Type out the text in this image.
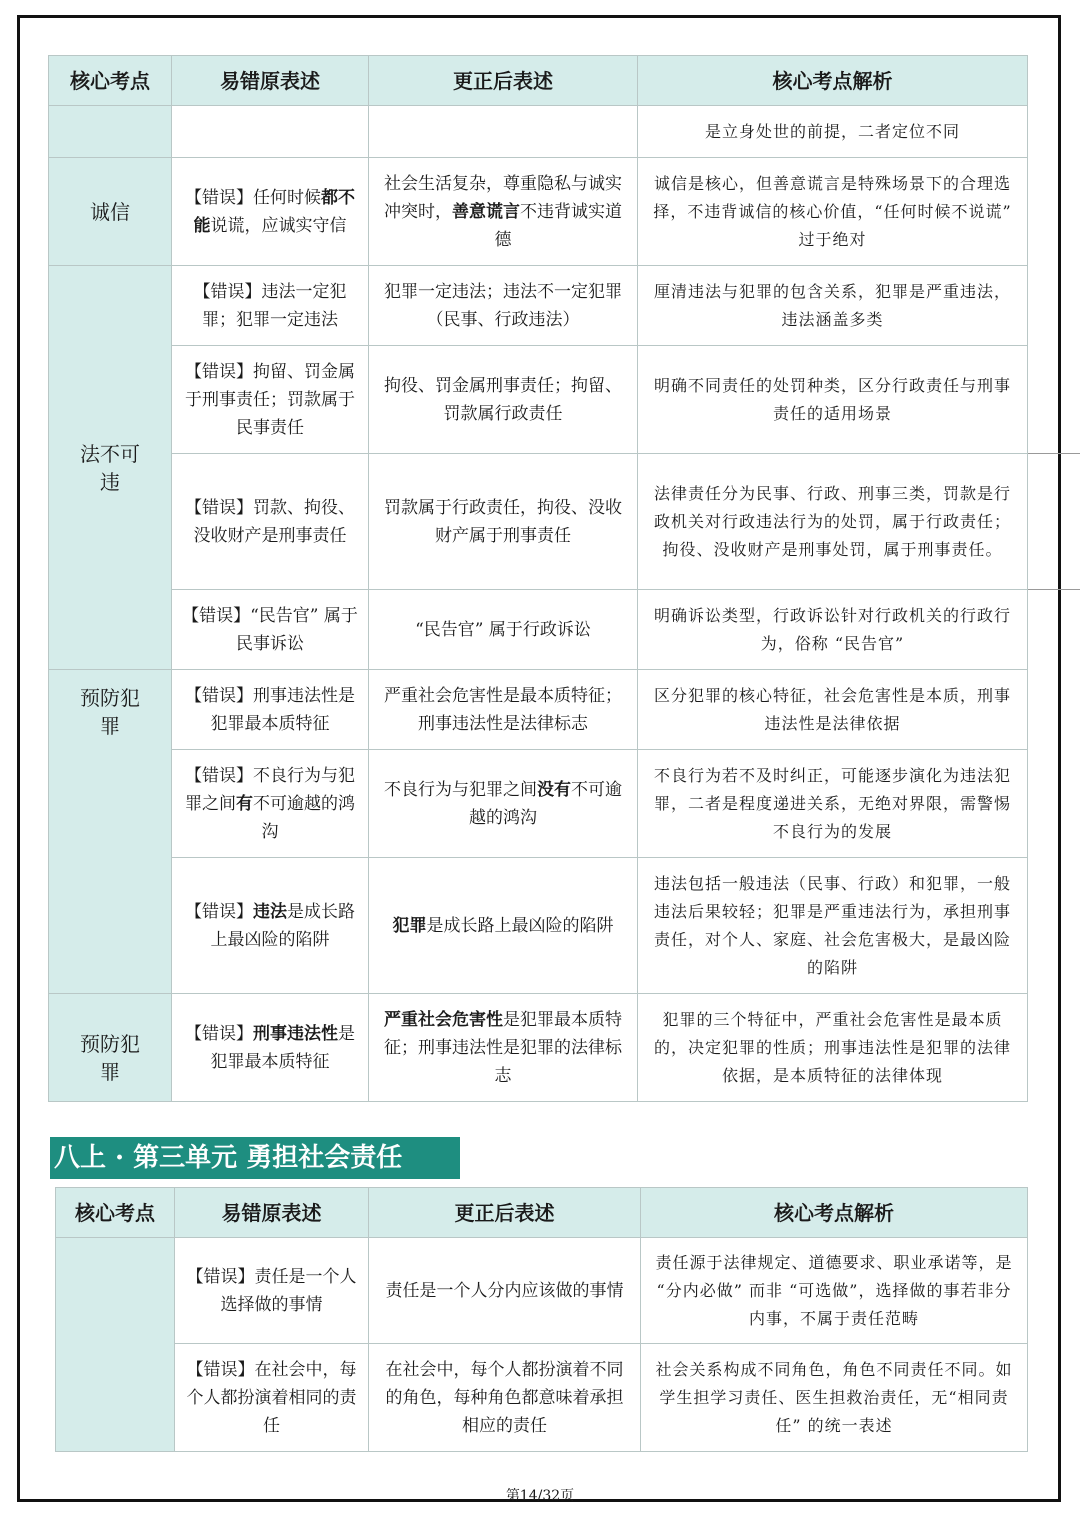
核心考点	易错原表述	更正后表述	核心考点解析
			是立身处世的前提，二者定位不同
诚信	【错误】任何时候都不能说谎，应诚实守信	社会生活复杂，尊重隐私与诚实冲突时，善意谎言不违背诚实道德	诚信是核心，但善意谎言是特殊场景下的合理选择，不违背诚信的核心价值，“任何时候不说谎” 过于绝对
法不可违	【错误】违法一定犯罪；犯罪一定违法	犯罪一定违法；违法不一定犯罪（民事、行政违法）	厘清违法与犯罪的包含关系，犯罪是严重违法，违法涵盖多类
	【错误】拘留、罚金属于刑事责任；罚款属于民事责任	拘役、罚金属刑事责任；拘留、罚款属行政责任	明确不同责任的处罚种类，区分行政责任与刑事责任的适用场景
	【错误】罚款、拘役、没收财产是刑事责任	罚款属于行政责任，拘役、没收财产属于刑事责任	法律责任分为民事、行政、刑事三类，罚款是行政机关对行政违法行为的处罚，属于行政责任；拘役、没收财产是刑事处罚，属于刑事责任。
	【错误】“民告官” 属于民事诉讼	“民告官” 属于行政诉讼	明确诉讼类型，行政诉讼针对行政机关的行政行为，俗称 “民告官”
预防犯罪	【错误】刑事违法性是犯罪最本质特征	严重社会危害性是最本质特征；刑事违法性是法律标志	区分犯罪的核心特征，社会危害性是本质，刑事违法性是法律依据
	【错误】不良行为与犯罪之间有不可逾越的鸿沟	不良行为与犯罪之间没有不可逾越的鸿沟	不良行为若不及时纠正，可能逐步演化为违法犯罪，二者是程度递进关系，无绝对界限，需警惕不良行为的发展
	【错误】违法是成长路上最凶险的陷阱	犯罪是成长路上最凶险的陷阱	违法包括一般违法（民事、行政）和犯罪，一般违法后果较轻；犯罪是严重违法行为，承担刑事责任，对个人、家庭、社会危害极大，是最凶险的陷阱
预防犯罪	【错误】刑事违法性是犯罪最本质特征	严重社会危害性是犯罪最本质特征；刑事违法性是犯罪的法律标志	犯罪的三个特征中，严重社会危害性是最本质的，决定犯罪的性质；刑事违法性是犯罪的法律依据，是本质特征的法律体现
八上 · 第三单元 勇担社会责任
核心考点	易错原表述	更正后表述	核心考点解析
	【错误】责任是一个人选择做的事情	责任是一个人分内应该做的事情	责任源于法律规定、道德要求、职业承诺等，是 “分内必做” 而非 “可选做”，选择做的事若非分内事，不属于责任范畴
	【错误】在社会中，每个人都扮演着相同的责任	在社会中，每个人都扮演着不同的角色，每种角色都意味着承担相应的责任	社会关系构成不同角色，角色不同责任不同。如学生担学习责任、医生担救治责任，无“相同责任” 的统一表述
第14/32页
